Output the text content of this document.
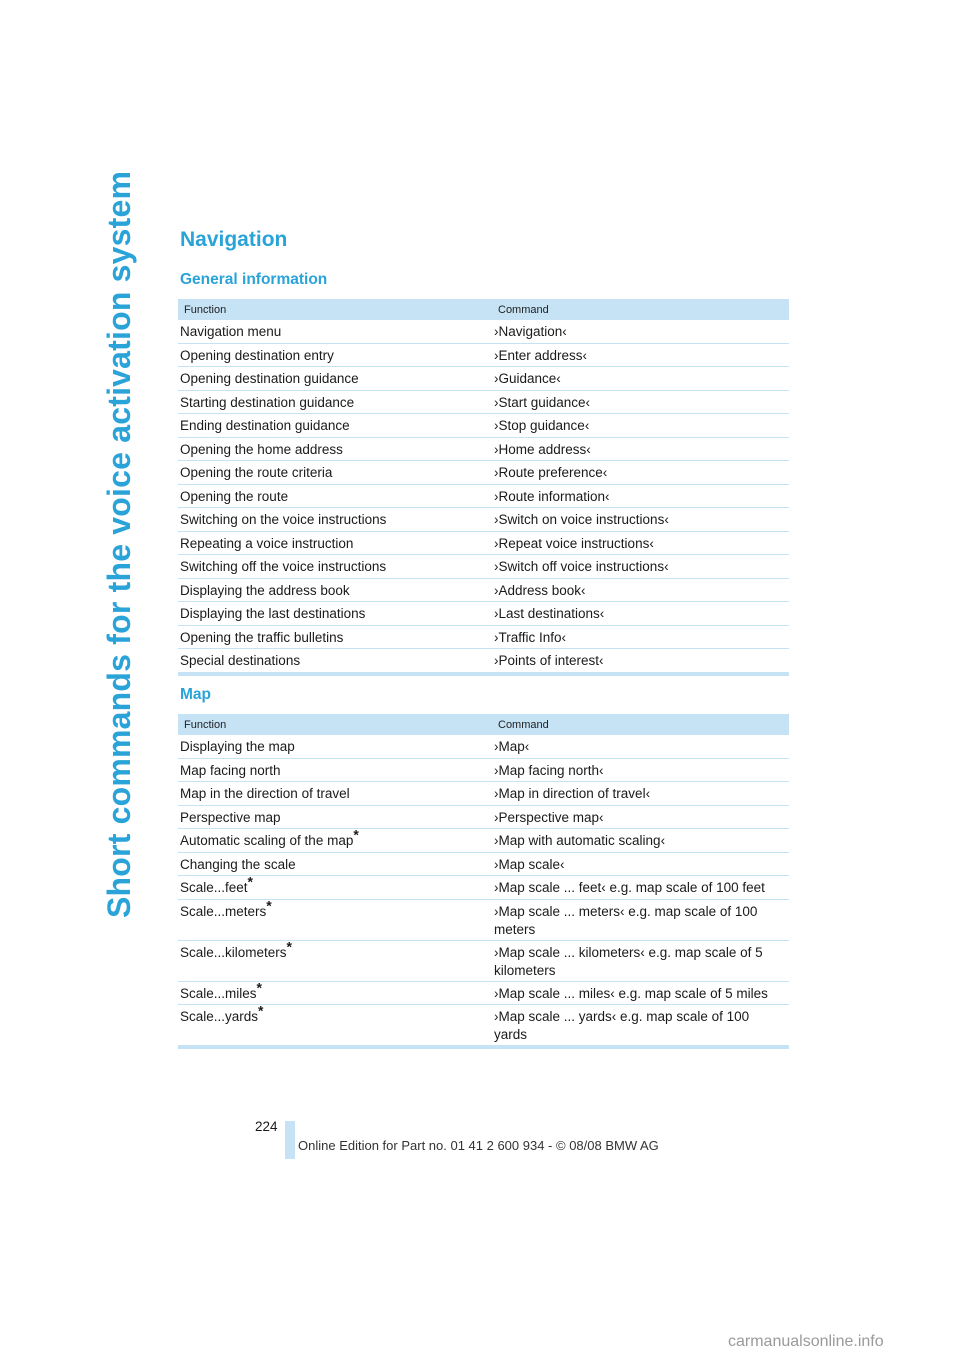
Short commands for the voice activation system Navigation
General information
Function	Command
Navigation menu	›Navigation‹
Opening destination entry	›Enter address‹
Opening destination guidance	›Guidance‹
Starting destination guidance	›Start guidance‹
Ending destination guidance	›Stop guidance‹
Opening the home address	›Home address‹
Opening the route criteria	›Route preference‹
Opening the route	›Route information‹
Switching on the voice instructions	›Switch on voice instructions‹
Repeating a voice instruction	›Repeat voice instructions‹
Switching off the voice instructions	›Switch off voice instructions‹
Displaying the address book	›Address book‹
Displaying the last destinations	›Last destinations‹
Opening the traffic bulletins	›Traffic Info‹
Special destinations	›Points of interest‹
Map
Function	Command
Displaying the map	›Map‹
Map facing north	›Map facing north‹
Map in the direction of travel	›Map in direction of travel‹
Perspective map	›Perspective map‹
Automatic scaling of the map*	›Map with automatic scaling‹
Changing the scale	›Map scale‹
Scale...feet*	›Map scale ... feet‹ e.g. map scale of 100 feet
Scale...meters*	›Map scale ... meters‹ e.g. map scale of 100 meters
Scale...kilometers*	›Map scale ... kilometers‹ e.g. map scale of 5 kilometers
Scale...miles*	›Map scale ... miles‹ e.g. map scale of 5 miles
Scale...yards*	›Map scale ... yards‹ e.g. map scale of 100 yards
224
Online Edition for Part no. 01 41 2 600 934 - © 08/08 BMW AG
carmanualsonline.info
